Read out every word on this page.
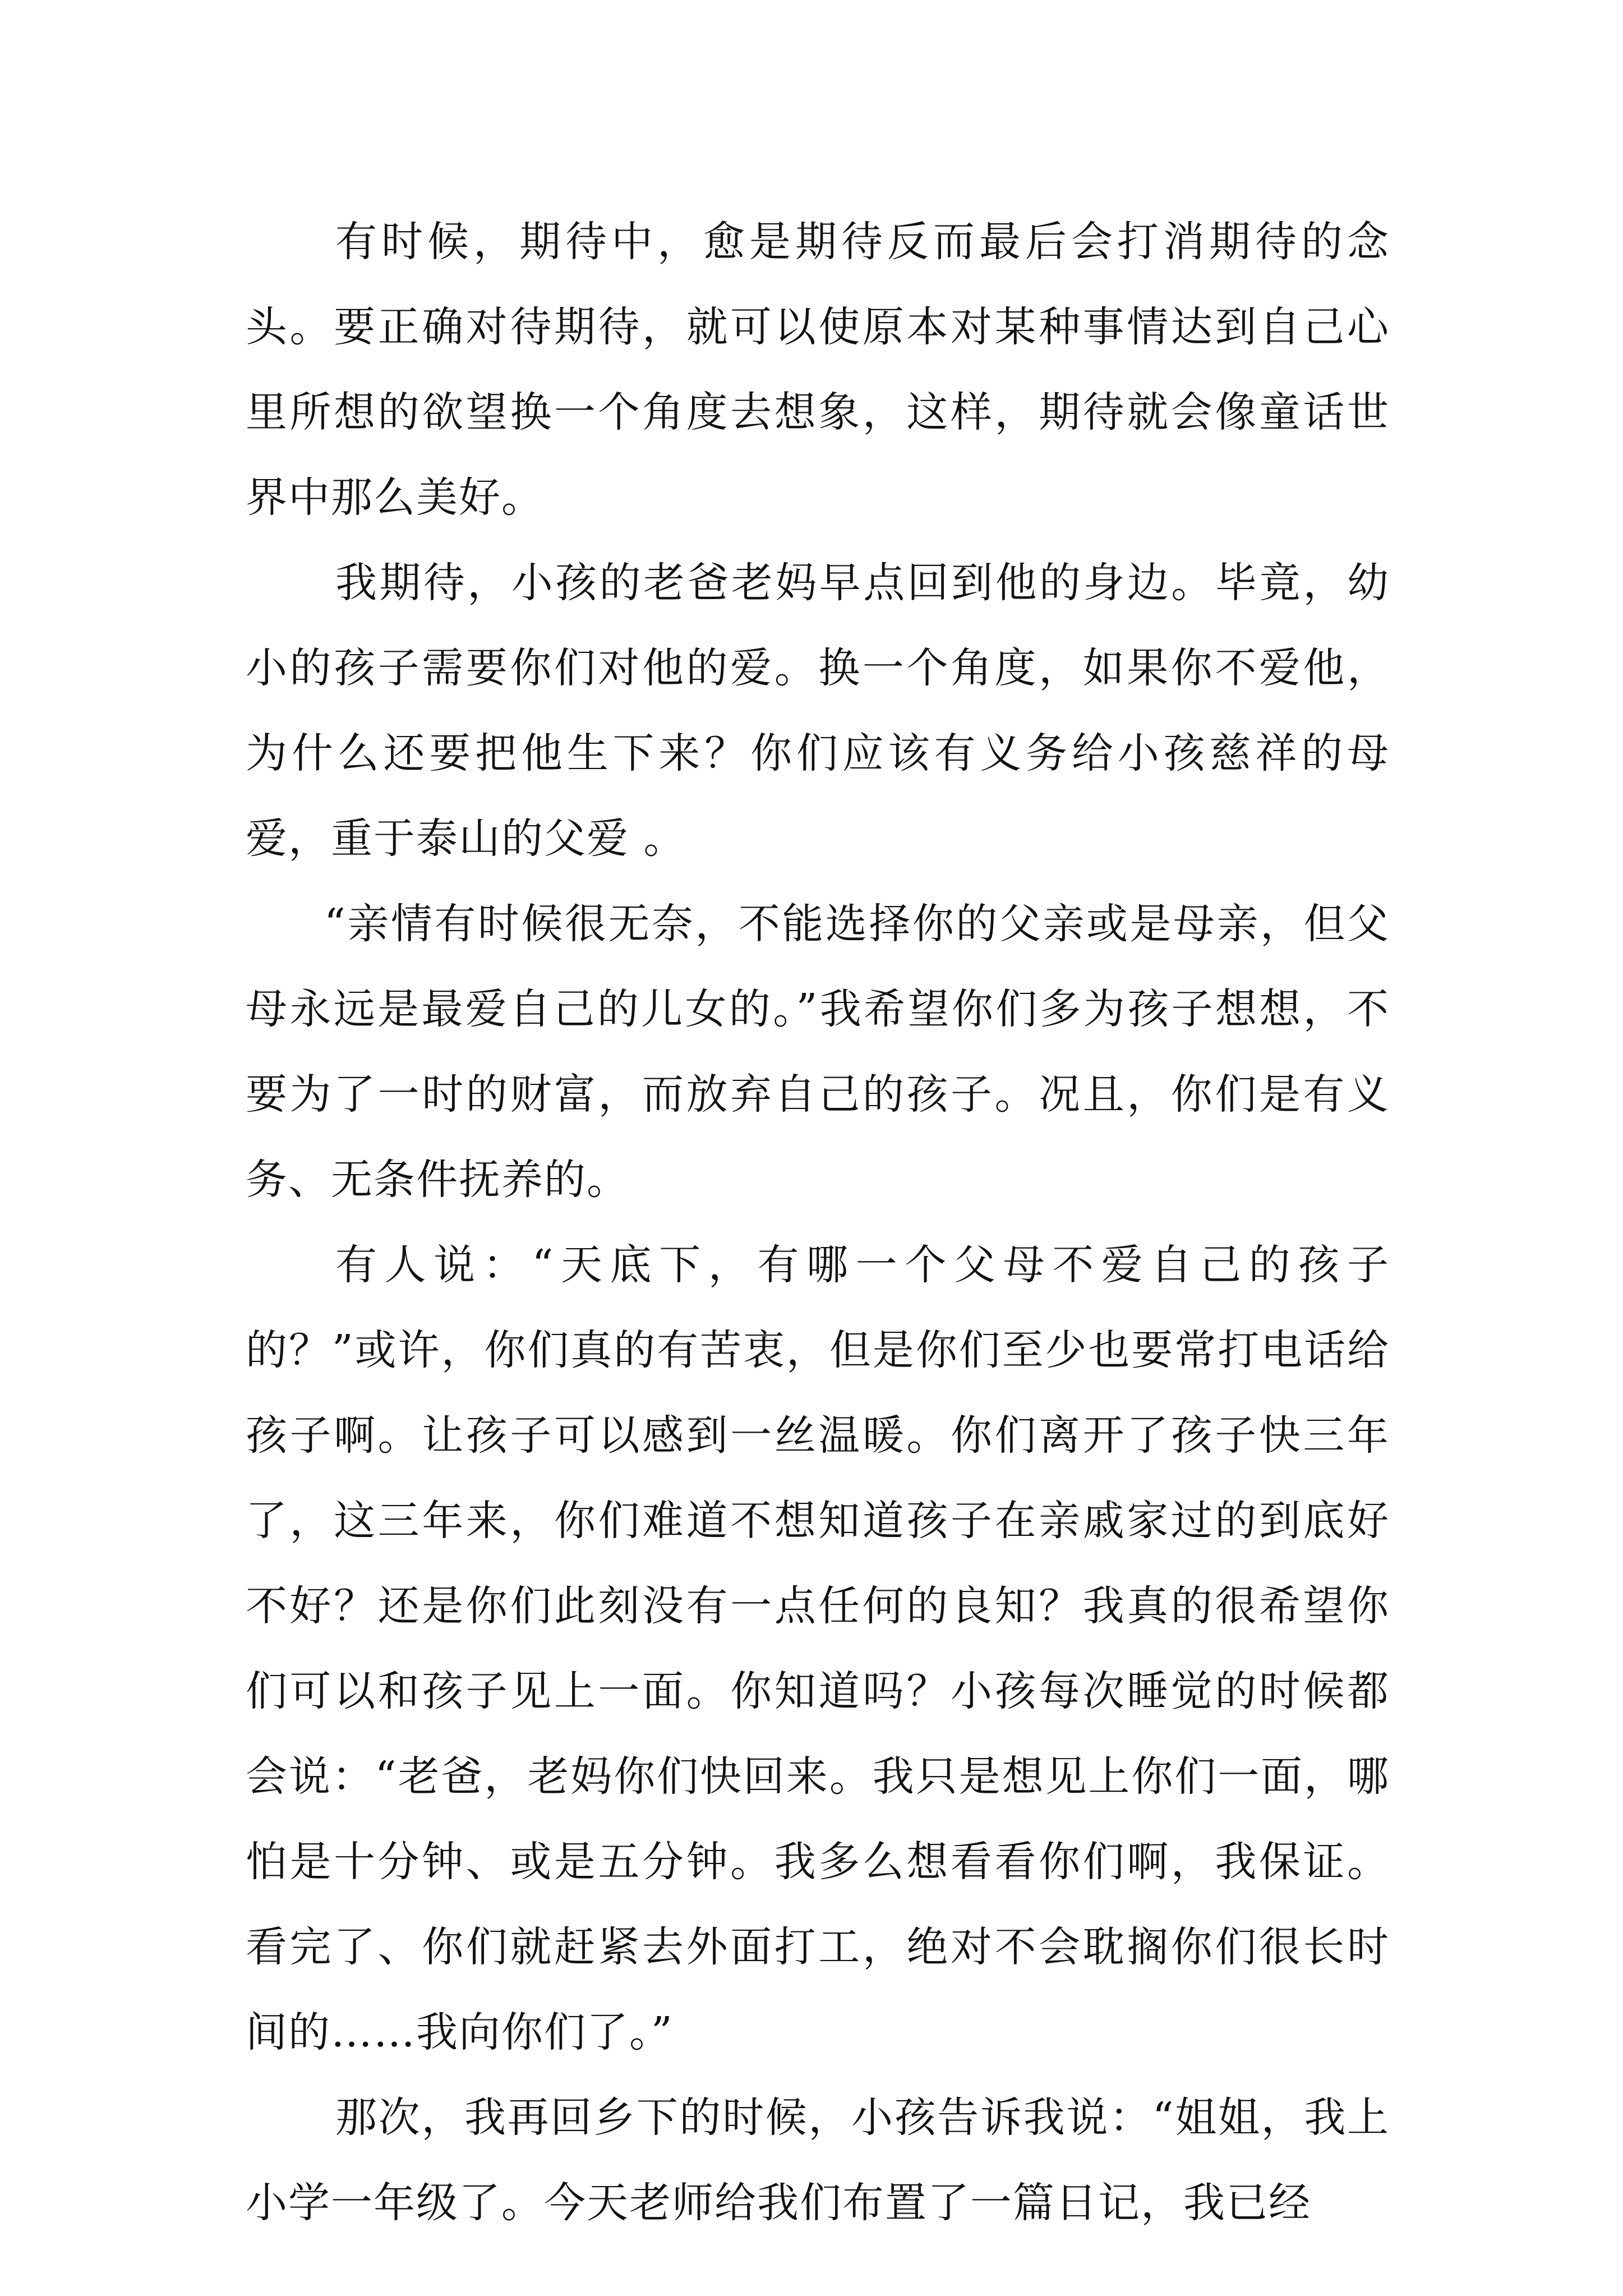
有时候，期待中，愈是期待反而最后会打消期待的念头。要正确对待期待，就可以使原本对某种事情达到自己心里所想的欲望换一个角度去想象，这样，期待就会像童话世界中那么美好。

我期待，小孩的老爸老妈早点回到他的身边。毕竟，幼小的孩子需要你们对他的爱。换一个角度，如果你不爱他，为什么还要把他生下来？你们应该有义务给小孩慈祥的母爱，重于泰山的父爱 。

“亲情有时候很无奈，不能选择你的父亲或是母亲，但父母永远是最爱自己的儿女的。”我希望你们多为孩子想想，不要为了一时的财富，而放弃自己的孩子。况且，你们是有义务、无条件抚养的。

有人说：“天底下，有哪一个父母不爱自己的孩子的？”或许，你们真的有苦衷，但是你们至少也要常打电话给孩子啊。让孩子可以感到一丝温暖。你们离开了孩子快三年了，这三年来，你们难道不想知道孩子在亲戚家过的到底好不好？还是你们此刻没有一点任何的良知？我真的很希望你们可以和孩子见上一面。你知道吗？小孩每次睡觉的时候都会说：“老爸，老妈你们快回来。我只是想见上你们一面，哪怕是十分钟、或是五分钟。我多么想看看你们啊，我保证。看完了、你们就赶紧去外面打工，绝对不会耽搁你们很长时间的……我向你们了。”

那次，我再回乡下的时候，小孩告诉我说：“姐姐，我上小学一年级了。今天老师给我们布置了一篇日记，我已经
